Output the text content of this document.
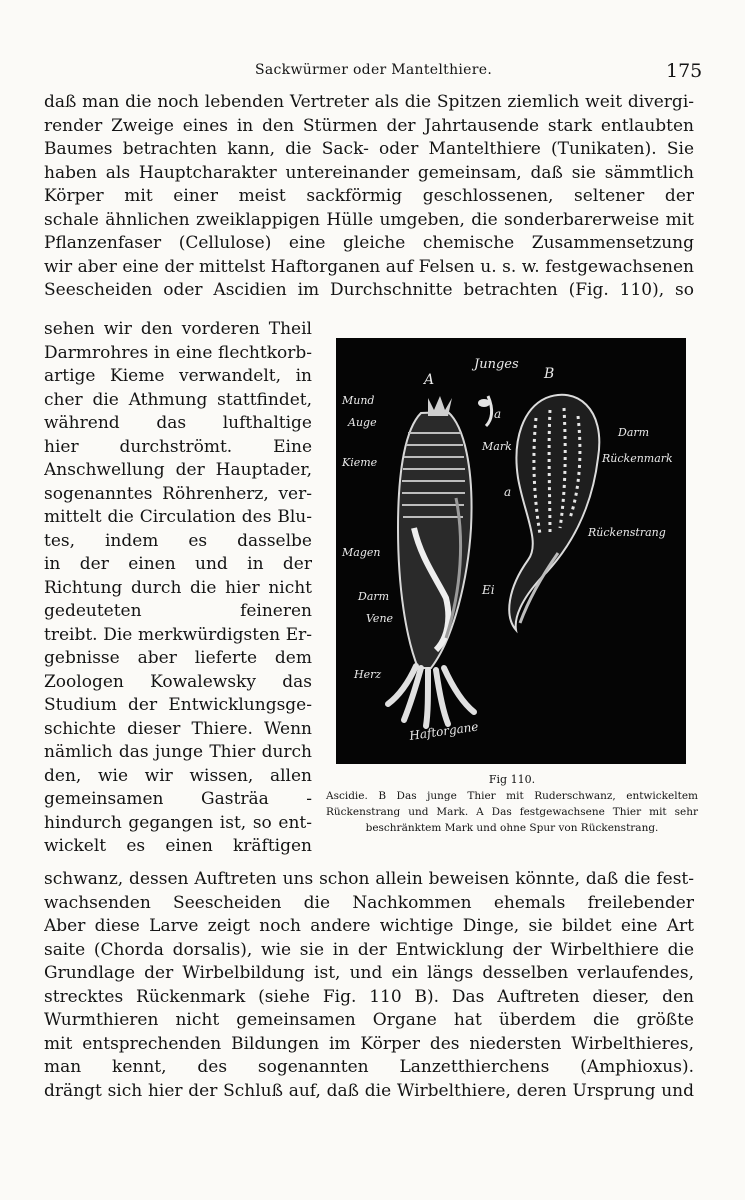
Sackwürmer oder Mantelthiere.	175
daß man die noch lebenden Vertreter als die Spitzen ziemlich weit divergi-
render Zweige eines in den Stürmen der Jahrtausende stark entlaubten
Baumes betrachten kann, die Sack- oder Mantelthiere (Tunikaten). Sie
haben als Hauptcharakter untereinander gemeinsam, daß sie sämmtlich
Körper mit einer meist sackförmig geschlossenen, seltener der
schale ähnlichen zweiklappigen Hülle umgeben, die sonderbarerweise mit
Pflanzenfaser (Cellulose) eine gleiche chemische Zusammensetzung
wir aber eine der mittelst Haftorganen auf Felsen u. s. w. festgewachsenen
Seescheiden oder Ascidien im Durchschnitte betrachten (Fig. 110), so
sehen wir den vorderen Theil
Darmrohres in eine flechtkorb-
artige Kieme verwandelt, in
cher die Athmung stattfindet,
während das lufthaltige
hier durchströmt. Eine
Anschwellung der Hauptader,
sogenanntes Röhrenherz, ver-
mittelt die Circulation des Blu-
tes, indem es dasselbe
in der einen und in der
Richtung durch die hier nicht
gedeuteten feineren
treibt. Die merkwürdigsten Er-
gebnisse aber lieferte dem
Zoologen Kowalewsky das
Studium der Entwicklungsge-
schichte dieser Thiere. Wenn
nämlich das junge Thier durch
den, wie wir wissen, allen
gemeinsamen Gasträa -
hindurch gegangen ist, so ent-
wickelt es einen kräftigen
Junges
A	B
Mund
Auge
Kieme
Magen
Darm
Vene
Herz
Haftorgane
a
Mark
a
Ei
Darm
Rückenmark
Rückenstrang
Fig 110.
Ascidie. B Das junge Thier mit Ruderschwanz, entwickeltem Rückenstrang und Mark. A Das festgewachsene Thier mit sehr beschränktem Mark und ohne Spur von Rückenstrang.
schwanz, dessen Auftreten uns schon allein beweisen könnte, daß die fest-
wachsenden Seescheiden die Nachkommen ehemals freilebender
Aber diese Larve zeigt noch andere wichtige Dinge, sie bildet eine Art
saite (Chorda dorsalis), wie sie in der Entwicklung der Wirbelthiere die
Grundlage der Wirbelbildung ist, und ein längs desselben verlaufendes,
strecktes Rückenmark (siehe Fig. 110 B). Das Auftreten dieser, den
Wurmthieren nicht gemeinsamen Organe hat überdem die größte
mit entsprechenden Bildungen im Körper des niedersten Wirbelthieres,
man kennt, des sogenannten Lanzetthierchens (Amphioxus).
drängt sich hier der Schluß auf, daß die Wirbelthiere, deren Ursprung und
